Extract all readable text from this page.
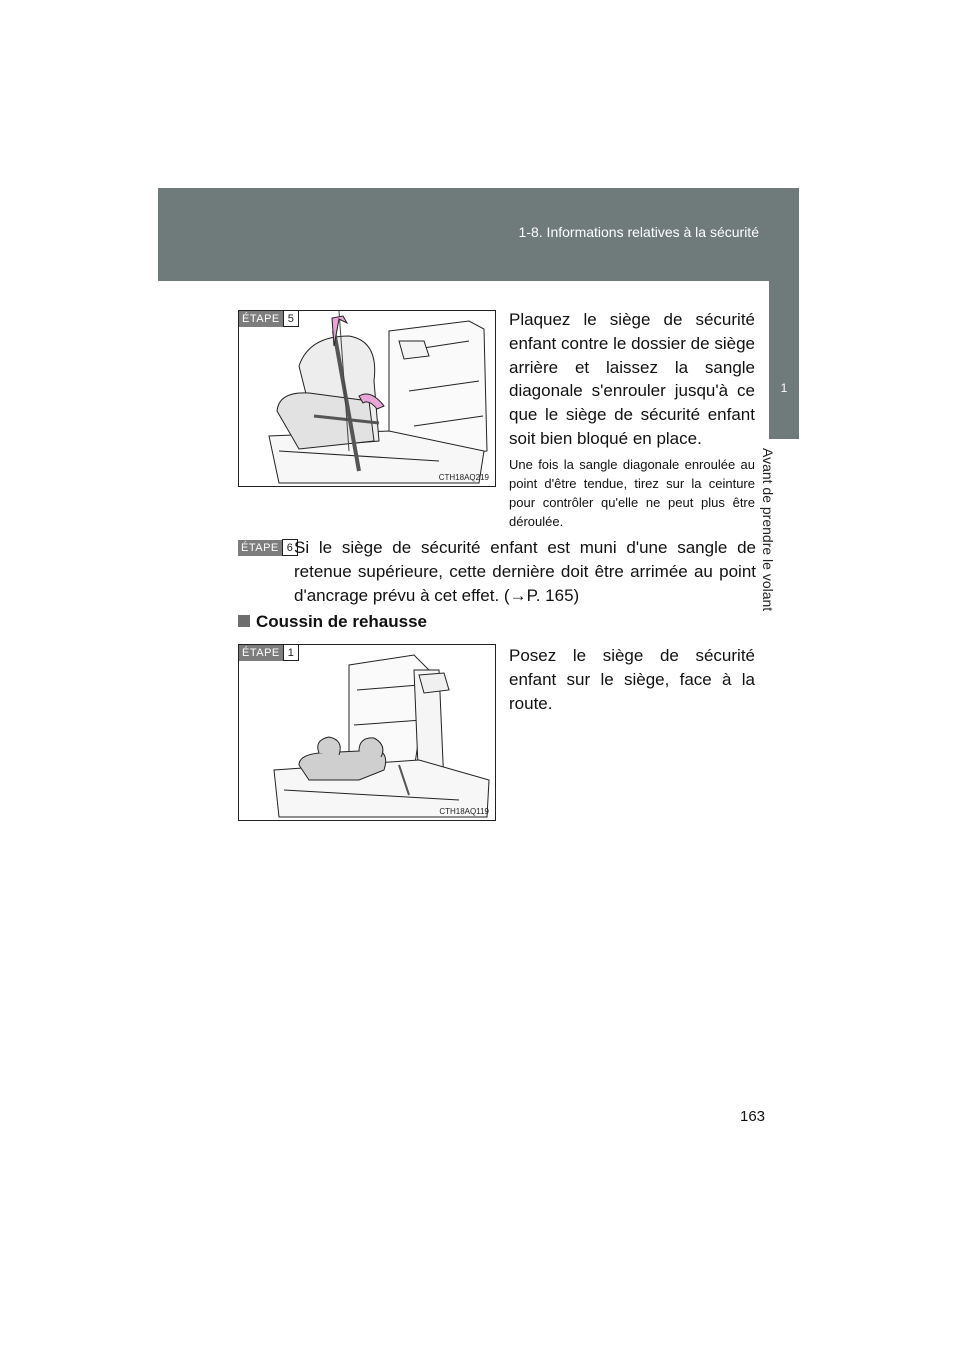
1-8. Informations relatives à la sécurité
1
Avant de prendre le volant
ÉTAPE 5
CTH18AQ219
Plaquez le siège de sécurité enfant contre le dossier de siège arrière et laissez la sangle diagonale s'enrouler jusqu'à ce que le siège de sécurité enfant soit bien bloqué en place.
Une fois la sangle diagonale enroulée au point d'être tendue, tirez sur la ceinture pour contrôler qu'elle ne peut plus être déroulée.
ÉTAPE 6 Si le siège de sécurité enfant est muni d'une sangle de
retenue supérieure, cette dernière doit être arrimée au point
d'ancrage prévu à cet effet. (→P. 165)
Coussin de rehausse
ÉTAPE 1
CTH18AQ119
Posez le siège de sécurité enfant sur le siège, face à la route.
163
